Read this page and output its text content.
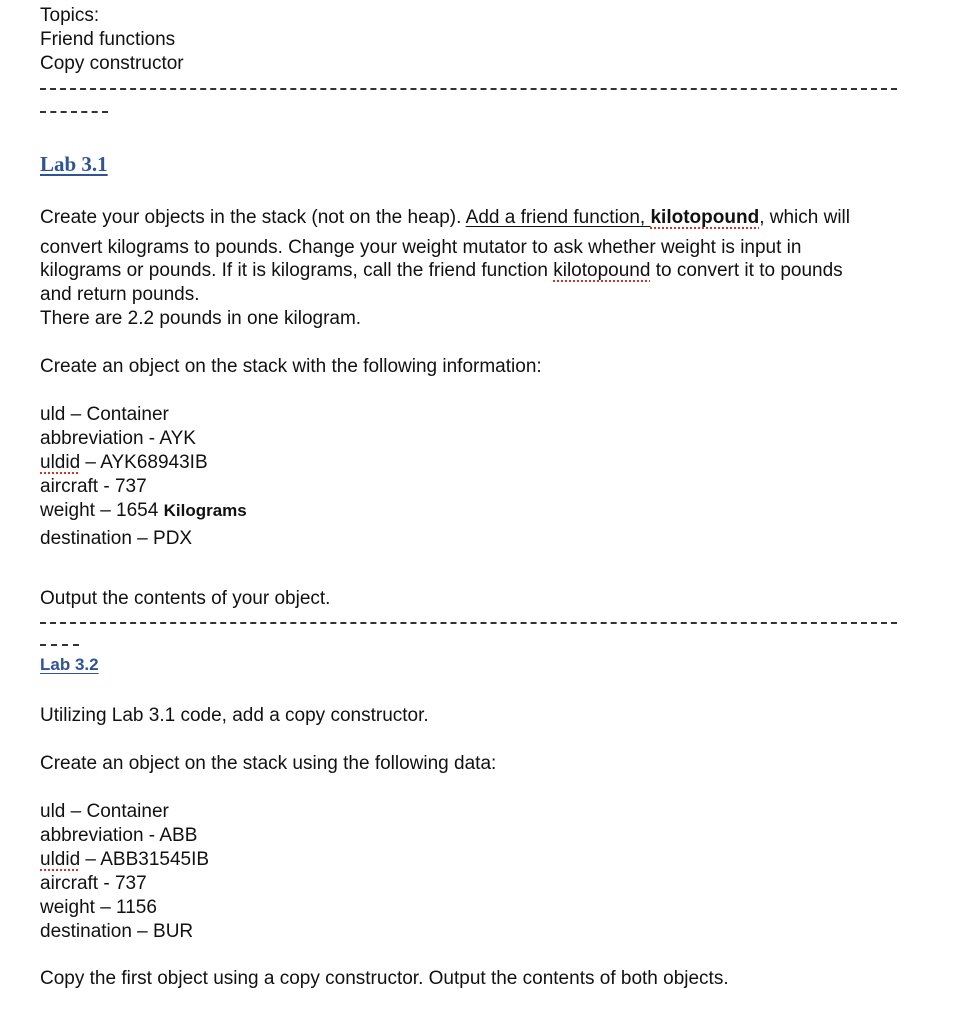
Topics:
Friend functions
Copy constructor
Lab 3.1
Create your objects in the stack (not on the heap). Add a friend function, kilotopound, which will
convert kilograms to pounds. Change your weight mutator to ask whether weight is input in
kilograms or pounds. If it is kilograms, call the friend function kilotopound to convert it to pounds
and return pounds.
There are 2.2 pounds in one kilogram.
Create an object on the stack with the following information:
uld – Container
abbreviation - AYK
uldid – AYK68943IB
aircraft - 737
weight – 1654 Kilograms
destination – PDX
Output the contents of your object.
Lab 3.2
Utilizing Lab 3.1 code, add a copy constructor.
Create an object on the stack using the following data:
uld – Container
abbreviation - ABB
uldid – ABB31545IB
aircraft - 737
weight – 1156
destination – BUR
Copy the first object using a copy constructor. Output the contents of both objects.
